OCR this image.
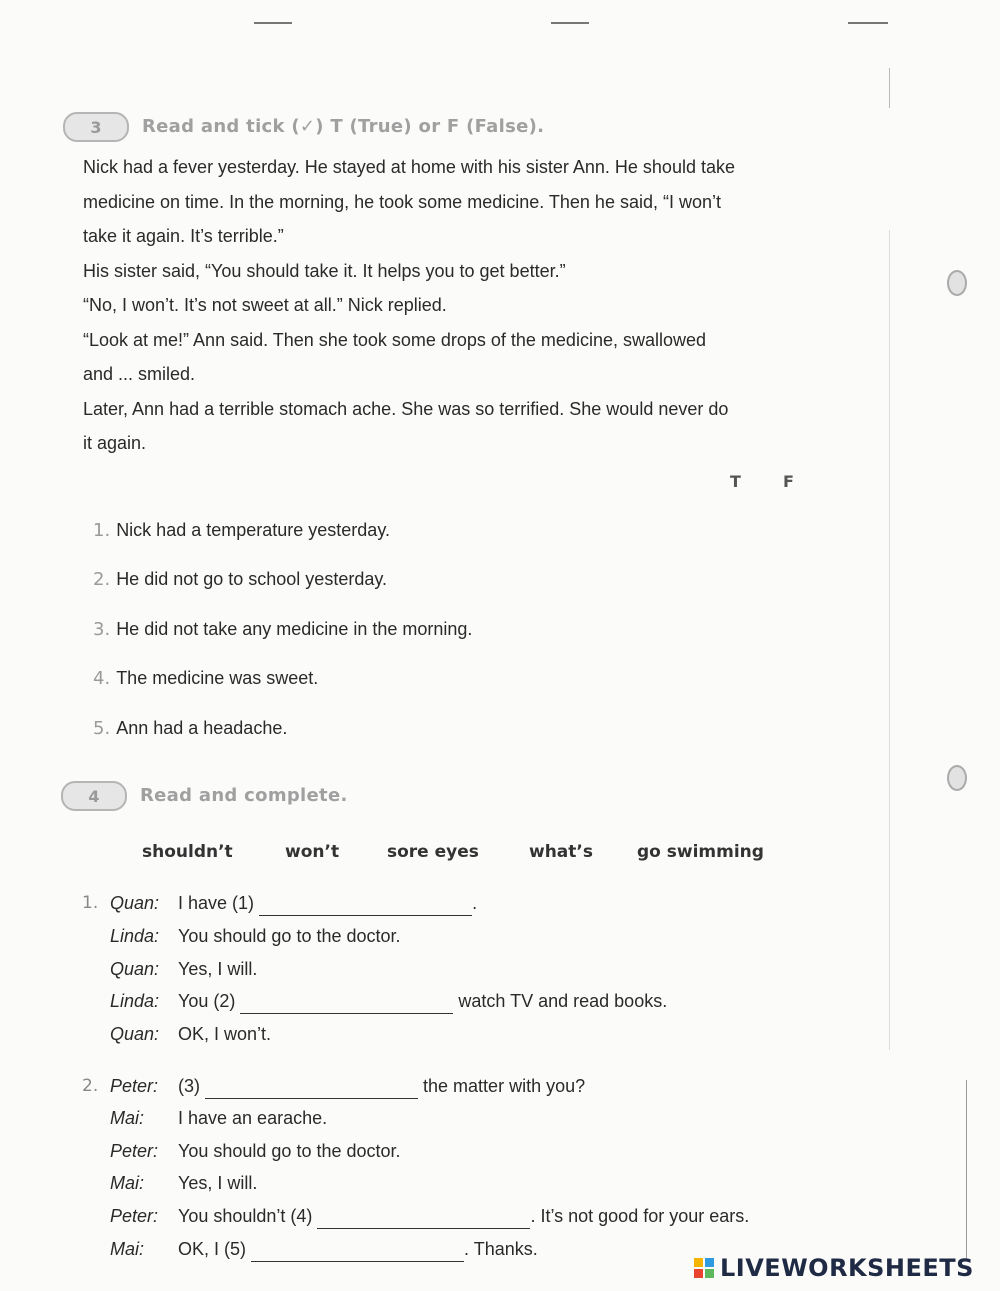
3 Read and tick (✓) T (True) or F (False).

Nick had a fever yesterday. He stayed at home with his sister Ann. He should take

medicine on time. In the morning, he took some medicine. Then he said, “I won’t

take it again. It’s terrible.”

His sister said, “You should take it. It helps you to get better.”

“No, I won’t. It’s not sweet at all.” Nick replied.

“Look at me!” Ann said. Then she took some drops of the medicine, swallowed

and ... smiled.

Later, Ann had a terrible stomach ache. She was so terrified. She would never do

it again.

T	F
1. Nick had a temperature yesterday.
2. He did not go to school yesterday.
3. He did not take any medicine in the morning.
4. The medicine was sweet.
5. Ann had a headache.
4 Read and complete.
shouldn’t	won’t	sore eyes	what’s	go swimming
1. Quan: I have (1)	.
Linda: You should go to the doctor.
Quan: Yes, I will.
Linda: You (2)	watch TV and read books.
Quan: OK, I won’t.
2. Peter: (3)	the matter with you?
Mai: I have an earache.
Peter: You should go to the doctor.
Mai: Yes, I will.
Peter: You shouldn’t (4)	. It’s not good for your ears.
Mai: OK, I (5)	. Thanks.
LIVEWORKSHEETS
